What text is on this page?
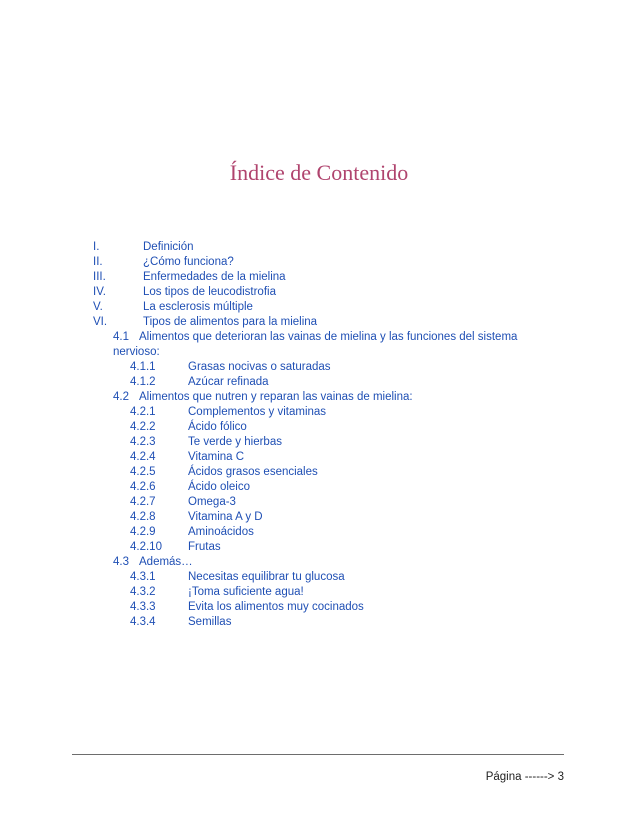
Índice de Contenido
I.	Definición
II.	¿Cómo funciona?
III.	Enfermedades de la mielina
IV.	Los tipos de leucodistrofia
V.	La esclerosis múltiple
VI.	Tipos de alimentos para la mielina
4.1 Alimentos que deterioran las vainas de mielina y las funciones del sistema nervioso:
4.1.1	Grasas nocivas o saturadas
4.1.2	Azúcar refinada
4.2 Alimentos que nutren y reparan las vainas de mielina:
4.2.1	Complementos y vitaminas
4.2.2	Ácido fólico
4.2.3	Te verde y hierbas
4.2.4	Vitamina C
4.2.5	Ácidos grasos esenciales
4.2.6	Ácido oleico
4.2.7	Omega-3
4.2.8	Vitamina A y D
4.2.9	Aminoácidos
4.2.10 Frutas
4.3 Además…
4.3.1	Necesitas equilibrar tu glucosa
4.3.2	¡Toma suficiente agua!
4.3.3	Evita los alimentos muy cocinados
4.3.4	Semillas
Página ------> 3
